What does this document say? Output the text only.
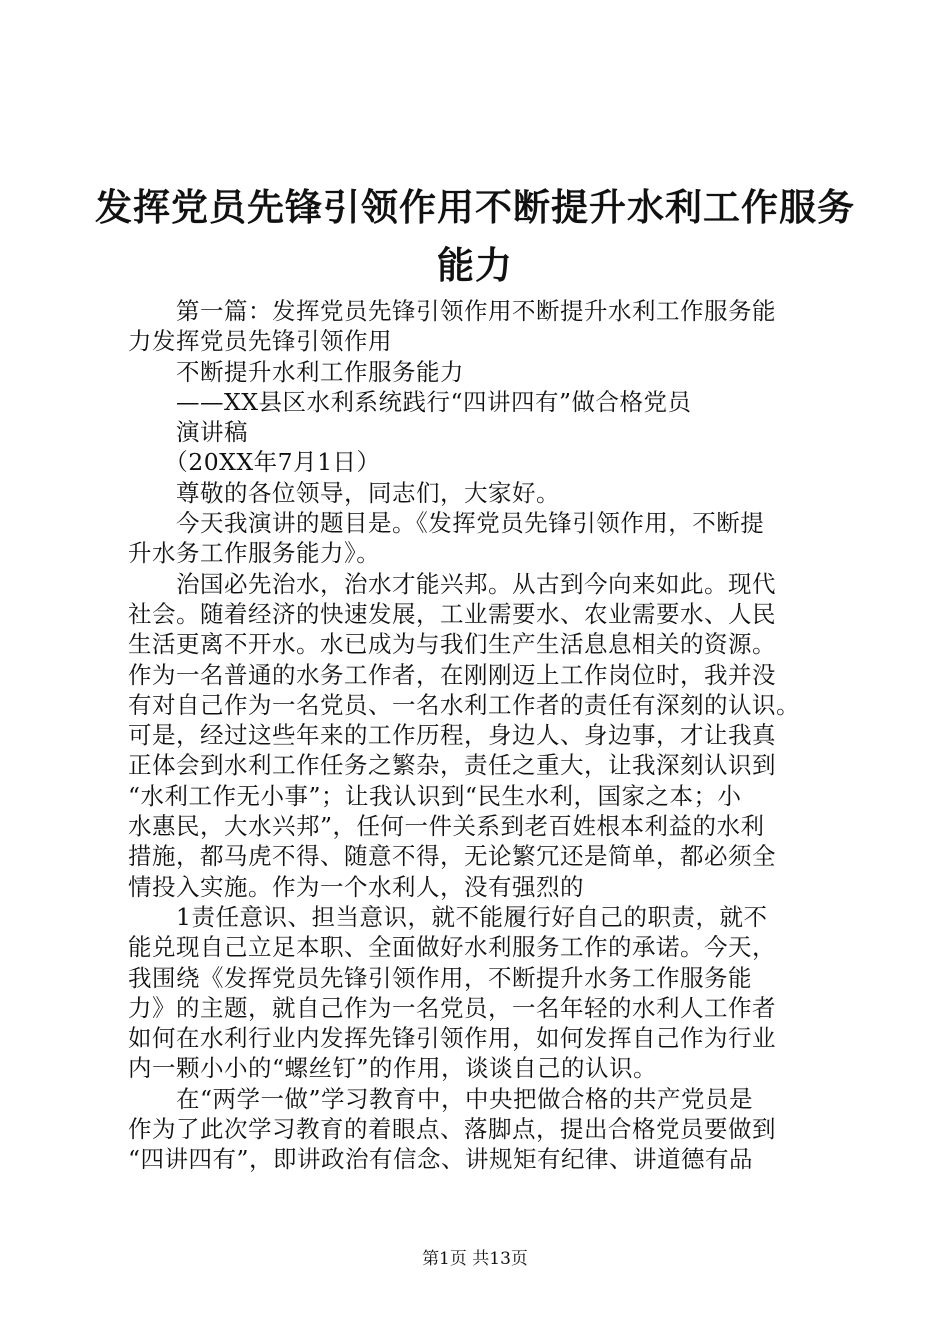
发挥党员先锋引领作用不断提升水利工作服务
能力
　　第一篇：发挥党员先锋引领作用不断提升水利工作服务能
力发挥党员先锋引领作用
　　不断提升水利工作服务能力
　　——XX县区水利系统践行“四讲四有”做合格党员
　　演讲稿
　　（20XX年7月1日）
　　尊敬的各位领导，同志们，大家好。
　　今天我演讲的题目是。《发挥党员先锋引领作用，不断提
升水务工作服务能力》。
　　治国必先治水，治水才能兴邦。从古到今向来如此。现代
社会。随着经济的快速发展，工业需要水、农业需要水、人民
生活更离不开水。水已成为与我们生产生活息息相关的资源。
作为一名普通的水务工作者，在刚刚迈上工作岗位时，我并没
有对自己作为一名党员、一名水利工作者的责任有深刻的认识。
可是，经过这些年来的工作历程，身边人、身边事，才让我真
正体会到水利工作任务之繁杂，责任之重大，让我深刻认识到
“水利工作无小事”；让我认识到“民生水利，国家之本；小
水惠民，大水兴邦”，任何一件关系到老百姓根本利益的水利
措施，都马虎不得、随意不得，无论繁冗还是简单，都必须全
情投入实施。作为一个水利人，没有强烈的
　　1责任意识、担当意识，就不能履行好自己的职责，就不
能兑现自己立足本职、全面做好水利服务工作的承诺。今天，
我围绕《发挥党员先锋引领作用，不断提升水务工作服务能
力》的主题，就自己作为一名党员，一名年轻的水利人工作者
如何在水利行业内发挥先锋引领作用，如何发挥自己作为行业
内一颗小小的“螺丝钉”的作用，谈谈自己的认识。
　　在“两学一做”学习教育中，中央把做合格的共产党员是
作为了此次学习教育的着眼点、落脚点，提出合格党员要做到
“四讲四有”，即讲政治有信念、讲规矩有纪律、讲道德有品
第1页 共13页
